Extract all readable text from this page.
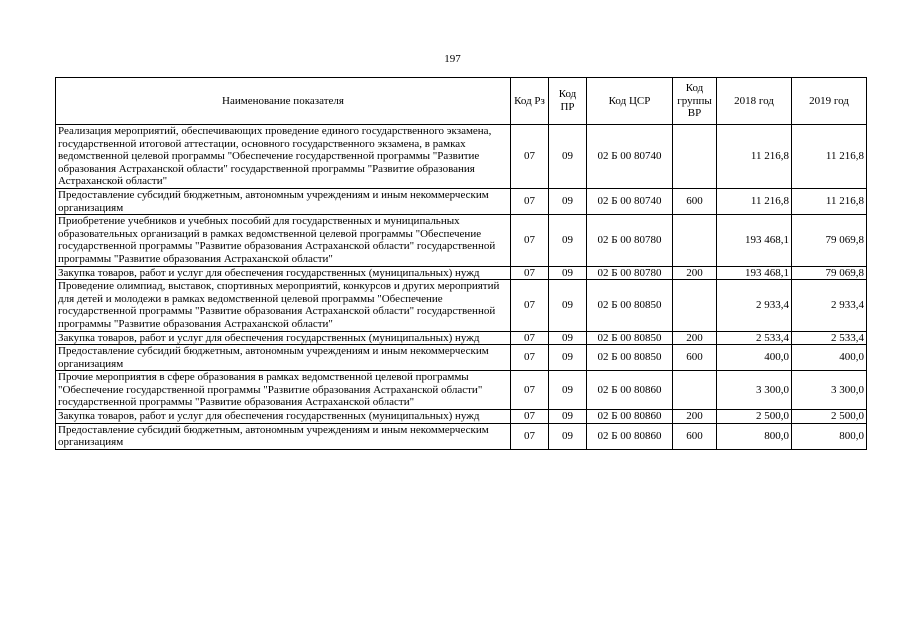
197
Наименование показателя	Код Рз	Код ПР	Код ЦСР	Код группы ВР	2018 год	2019 год
Реализация мероприятий, обеспечивающих проведение единого государственного экзамена, государственной итоговой аттестации, основного государственного экзамена, в рамках ведомственной целевой программы "Обеспечение государственной программы "Развитие образования Астраханской области" государственной программы "Развитие образования Астраханской области"	07	09	02 Б 00 80740		11 216,8	11 216,8
Предоставление субсидий бюджетным, автономным учреждениям и иным некоммерческим организациям	07	09	02 Б 00 80740	600	11 216,8	11 216,8
Приобретение учебников и учебных пособий для государственных и муниципальных образовательных организаций в рамках ведомственной целевой программы "Обеспечение государственной программы "Развитие образования Астраханской области" государственной программы "Развитие образования Астраханской области"	07	09	02 Б 00 80780		193 468,1	79 069,8
Закупка товаров, работ и услуг для обеспечения государственных (муниципальных) нужд	07	09	02 Б 00 80780	200	193 468,1	79 069,8
Проведение олимпиад, выставок, спортивных мероприятий, конкурсов и других мероприятий для детей и молодежи в рамках ведомственной целевой программы "Обеспечение государственной программы "Развитие образования Астраханской области" государственной программы "Развитие образования Астраханской области"	07	09	02 Б 00 80850		2 933,4	2 933,4
Закупка товаров, работ и услуг для обеспечения государственных (муниципальных) нужд	07	09	02 Б 00 80850	200	2 533,4	2 533,4
Предоставление субсидий бюджетным, автономным учреждениям и иным некоммерческим организациям	07	09	02 Б 00 80850	600	400,0	400,0
Прочие мероприятия в сфере образования в рамках ведомственной целевой программы "Обеспечение государственной программы "Развитие образования Астраханской области" государственной программы "Развитие образования Астраханской области"	07	09	02 Б 00 80860		3 300,0	3 300,0
Закупка товаров, работ и услуг для обеспечения государственных (муниципальных) нужд	07	09	02 Б 00 80860	200	2 500,0	2 500,0
Предоставление субсидий бюджетным, автономным учреждениям и иным некоммерческим организациям	07	09	02 Б 00 80860	600	800,0	800,0
